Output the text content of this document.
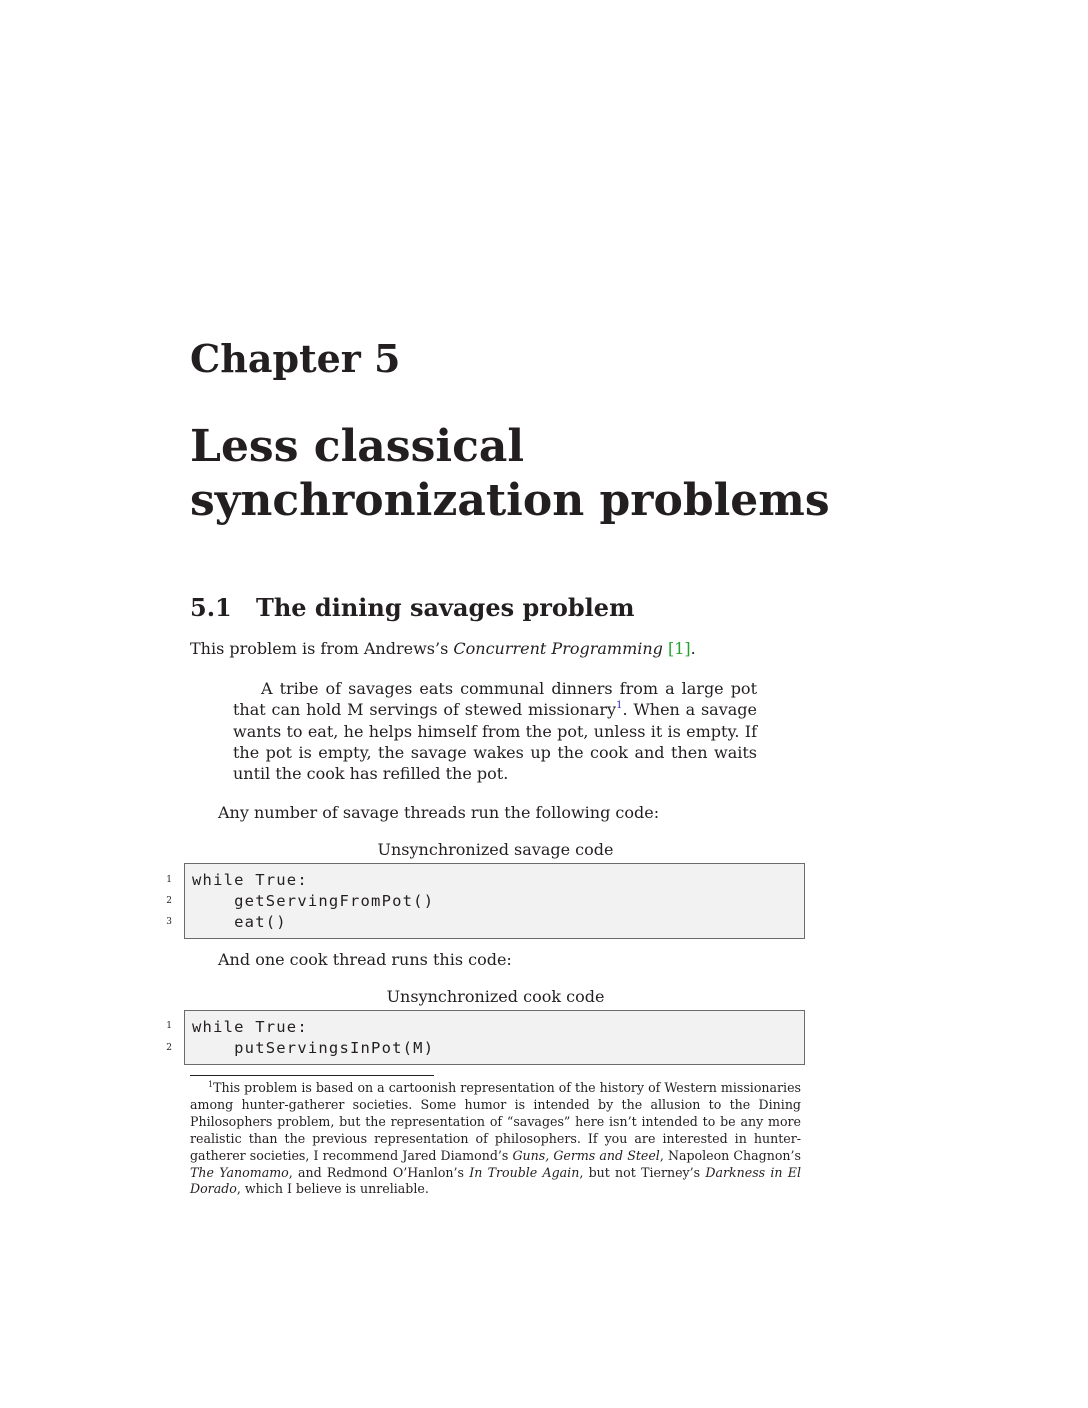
Chapter 5
Less classical
synchronization problems
5.1 The dining savages problem
This problem is from Andrews’s Concurrent Programming [1].

A tribe of savages eats communal dinners from a large pot that can hold M servings of stewed missionary$^1$. When a savage wants to eat, he helps himself from the pot, unless it is empty. If the pot is empty, the savage wakes up the cook and then waits until the cook has refilled the pot.

Any number of savage threads run the following code:
Unsynchronized savage code
1
2
3
while True:
getServingFromPot()
eat()
And one cook thread runs this code:
Unsynchronized cook code
1
2
while True:
putServingsInPot(M)

$^1$This problem is based on a cartoonish representation of the history of Western missionaries among hunter-gatherer societies. Some humor is intended by the allusion to the Dining Philosophers problem, but the representation of “savages” here isn’t intended to be any more realistic than the previous representation of philosophers. If you are interested in hunter-gatherer societies, I recommend Jared Diamond’s Guns, Germs and Steel, Napoleon Chagnon’s The Yanomamo, and Redmond O’Hanlon’s In Trouble Again, but not Tierney’s Darkness in El Dorado, which I believe is unreliable.
